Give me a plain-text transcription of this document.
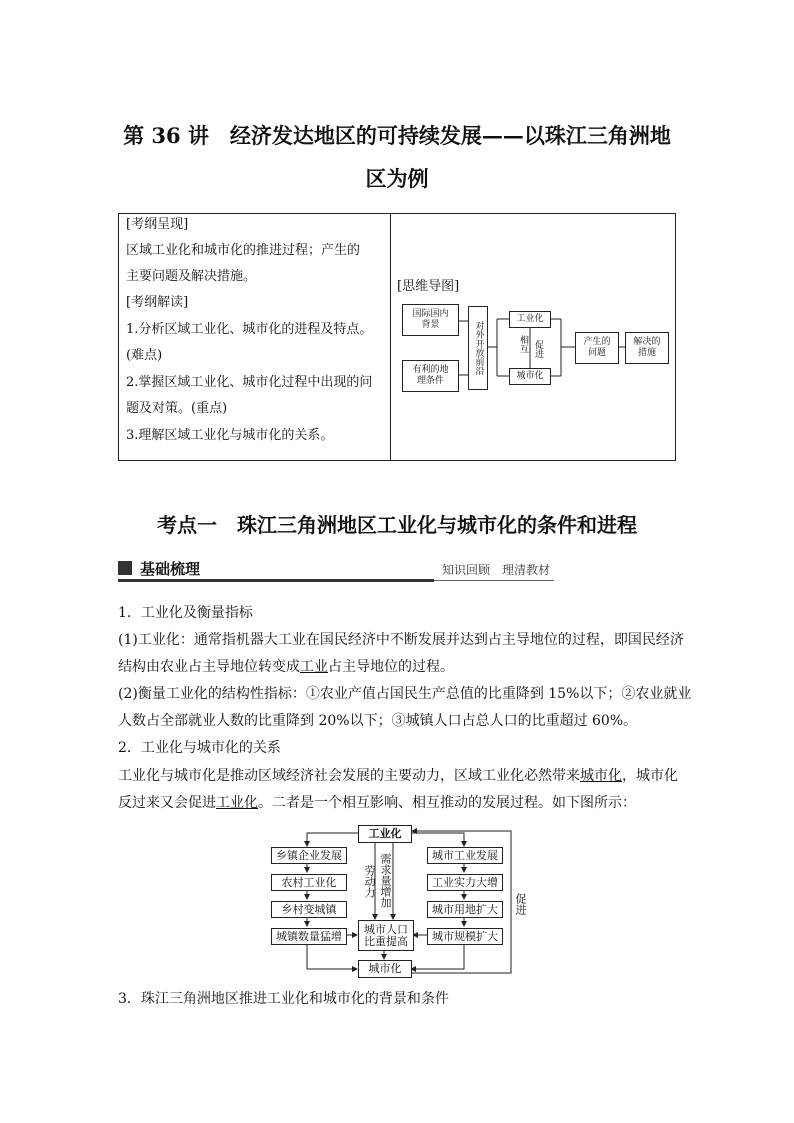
第 36 讲　经济发达地区的可持续发展——以珠江三角洲地
区为例
[考纲呈现]
区域工业化和城市化的推进过程；产生的
主要问题及解决措施。
[考纲解读]
1.分析区域工业化、城市化的进程及特点。
(难点)
2.掌握区域工业化、城市化过程中出现的问
题及对策。(重点)
3.理解区域工业化与城市化的关系。
[思维导图]
国际国内
背景
有利的地
理条件
对外开放前沿
工业化
城市化
相互 促进	产生的
问题
解决的
措施
考点一　珠江三角洲地区工业化与城市化的条件和进程
基础梳理	知识回顾　理清教材
1．工业化及衡量指标
(1)工业化：通常指机器大工业在国民经济中不断发展并达到占主导地位的过程，即国民经济
结构由农业占主导地位转变成工业占主导地位的过程。
(2)衡量工业化的结构性指标：①农业产值占国民生产总值的比重降到 15%以下；②农业就业
人数占全部就业人数的比重降到 20%以下；③城镇人口占总人口的比重超过 60%。
2．工业化与城市化的关系
工业化与城市化是推动区域经济社会发展的主要动力，区域工业化必然带来城市化，城市化
反过来又会促进工业化。二者是一个相互影响、相互推动的发展过程。如下图所示：
工业化
乡镇企业发展
农村工业化
乡村变城镇
城镇数量猛增
城市工业发展
工业实力大增
城市用地扩大
城市规模扩大
城市人口
比重提高
城市化
劳动力 需求量增加	促进
3．珠江三角洲地区推进工业化和城市化的背景和条件
